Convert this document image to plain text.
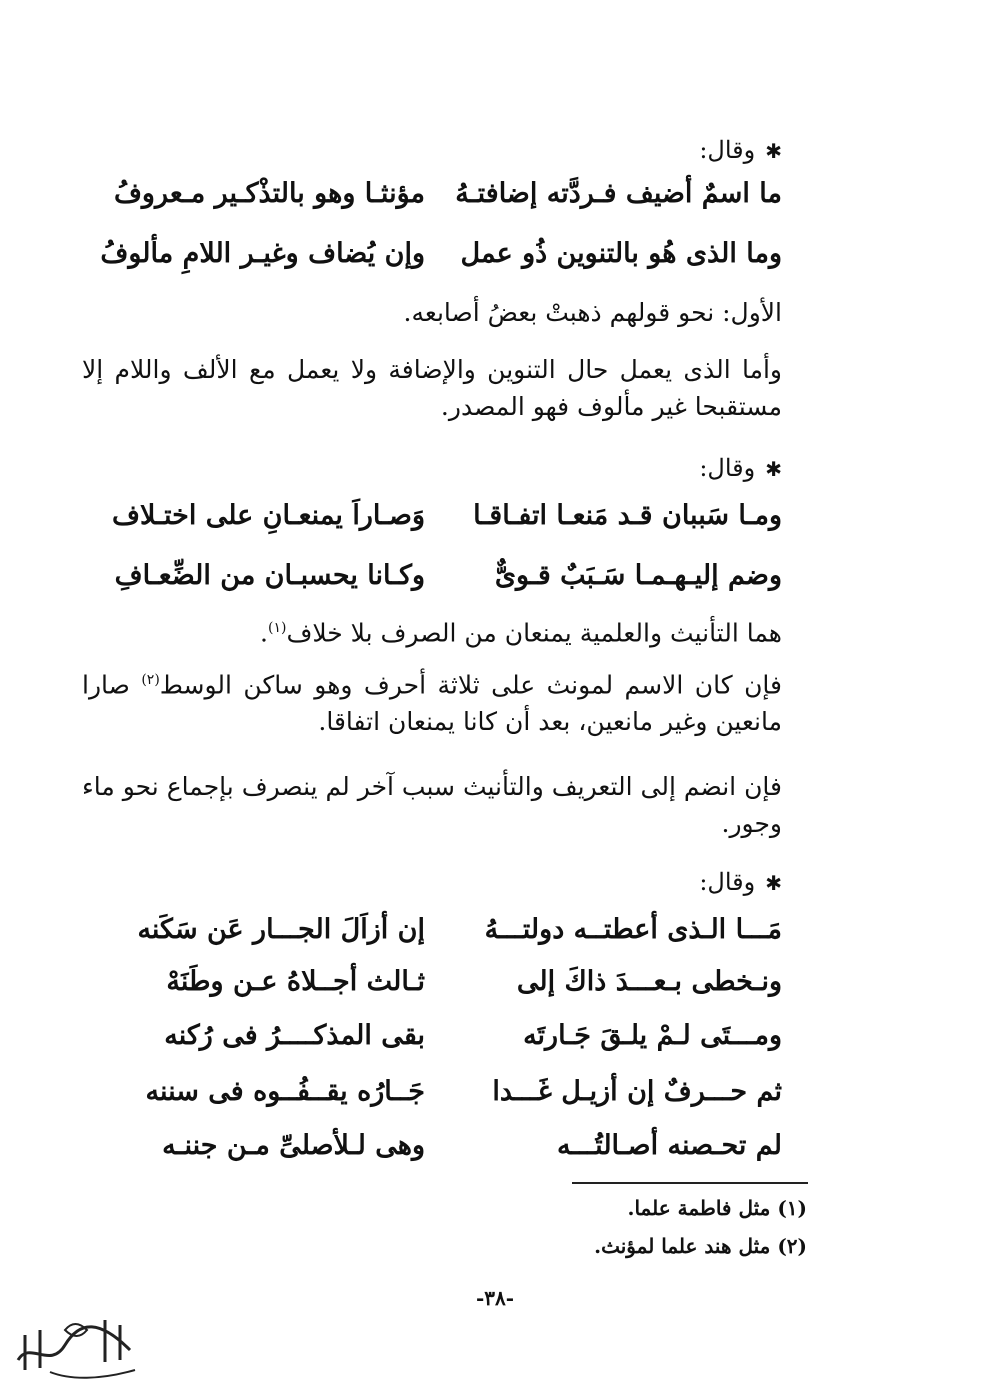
✱وقال:
ما اسمٌ أضيف فـردَّته إضافتـهُ
مؤنثـا وهو بالتذْكـير مـعروفُ
وما الذى هُو بالتنوين ذُو عمل
وإن يُضاف وغيـر اللامِ مألوفُ

الأول: نحو قولهم ذهبتْ بعضُ أصابعه.

وأما الذى يعمل حال التنوين والإضافة ولا يعمل مع الألف واللام إلا مستقبحا غير مألوف فهو المصدر.

✱وقال:
ومـا سَببان قـد مَنعـا اتفـاقـا
وَصـاراَ يمنعـانِ على اختـلاف
وضم إليـهـمـا سَـبَبٌ قـوىٌّ
وكـانا يحسبـان من الضِّعـافِ

هما التأنيث والعلمية يمنعان من الصرف بلا خلاف$^{(١)}$.

فإن كان الاسم لمونث على ثلاثة أحرف وهو ساكن الوسط$^{(٢)}$ صارا مانعين وغير مانعين، بعد أن كانا يمنعان اتفاقا.

فإن انضم إلى التعريف والتأنيث سبب آخر لم ينصرف بإجماع نحو ماء وجور.

✱وقال:
مَـــا الـذى أعطتــه دولتـــهُ
إن أزاَلَ الجـــار عَن سَكَنه
ونـخطى بـعـــدَ ذاكَ إلى
ثـالث أجــلاهُ عـن وطَنَهْ
ومـــتَى لـمْ يلـقَ جَـارتَه
بقى المذكــــرُ فى رُكنه
ثم حـــرفٌ إن أزيـل غَـــدا
جَــارُه يقــفُــوه فى سننه
لم تحـصنه أصـالتُـــه
وهى لـلأصلىِّ مـن جننـه
(١) مثل فاطمة علما.
(٢) مثل هند علما لمؤنث.
-٣٨-
